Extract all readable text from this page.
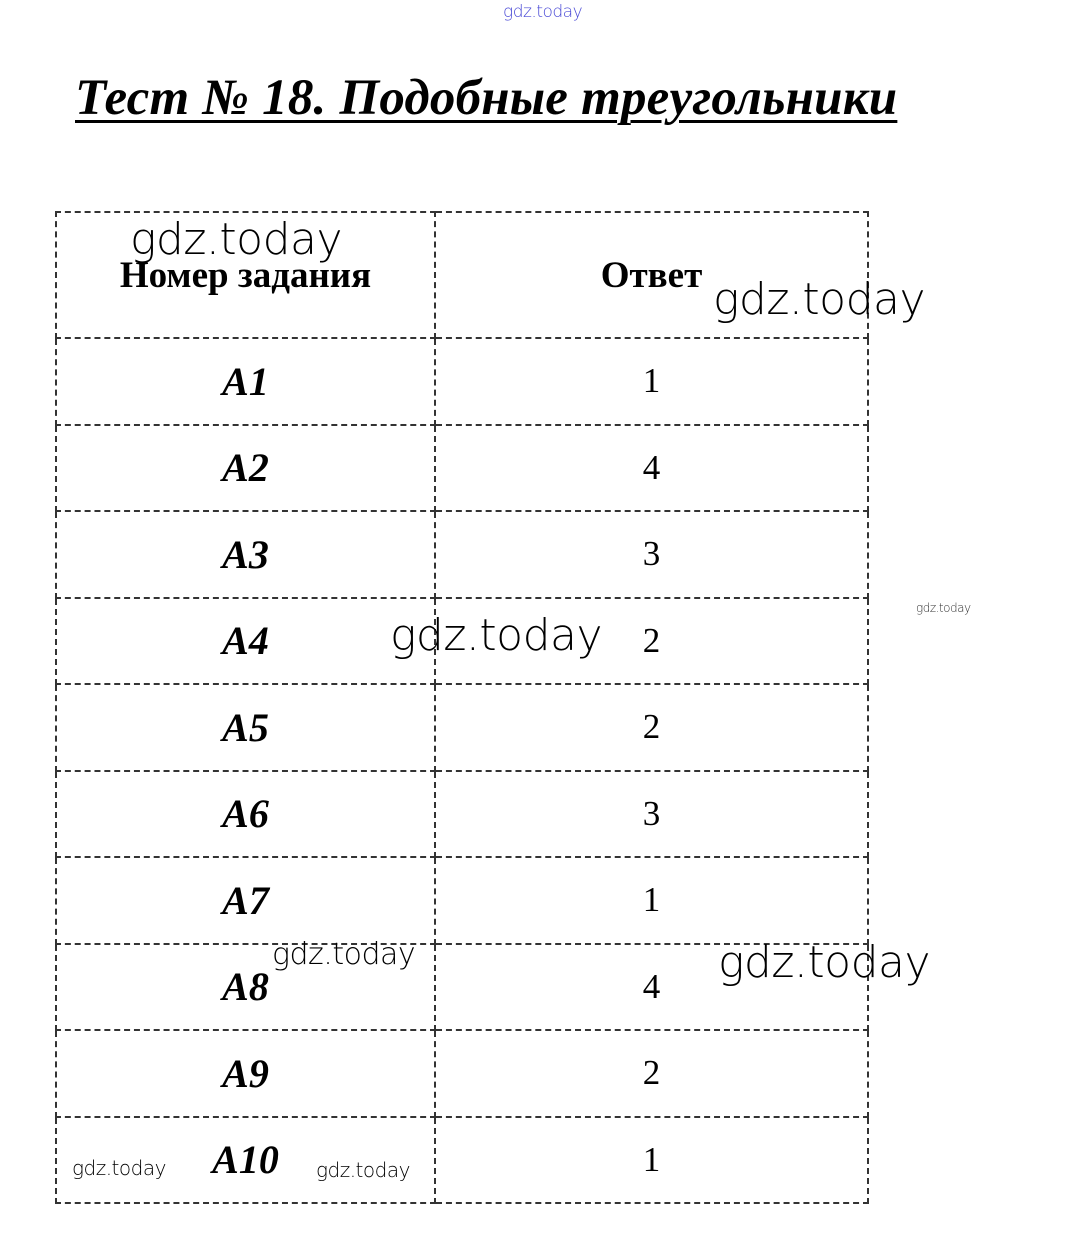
Тест № 18. Подобные треугольники
Номер задания	Ответ
A1	1
A2	4
A3	3
A4	2
A5	2
A6	3
A7	1
A8	4
A9	2
A10	1
gdz.today
gdz.today
gdz.today
gdz.today
gdz.today
gdz.today	gdz.today
gdz.today	gdz.today
